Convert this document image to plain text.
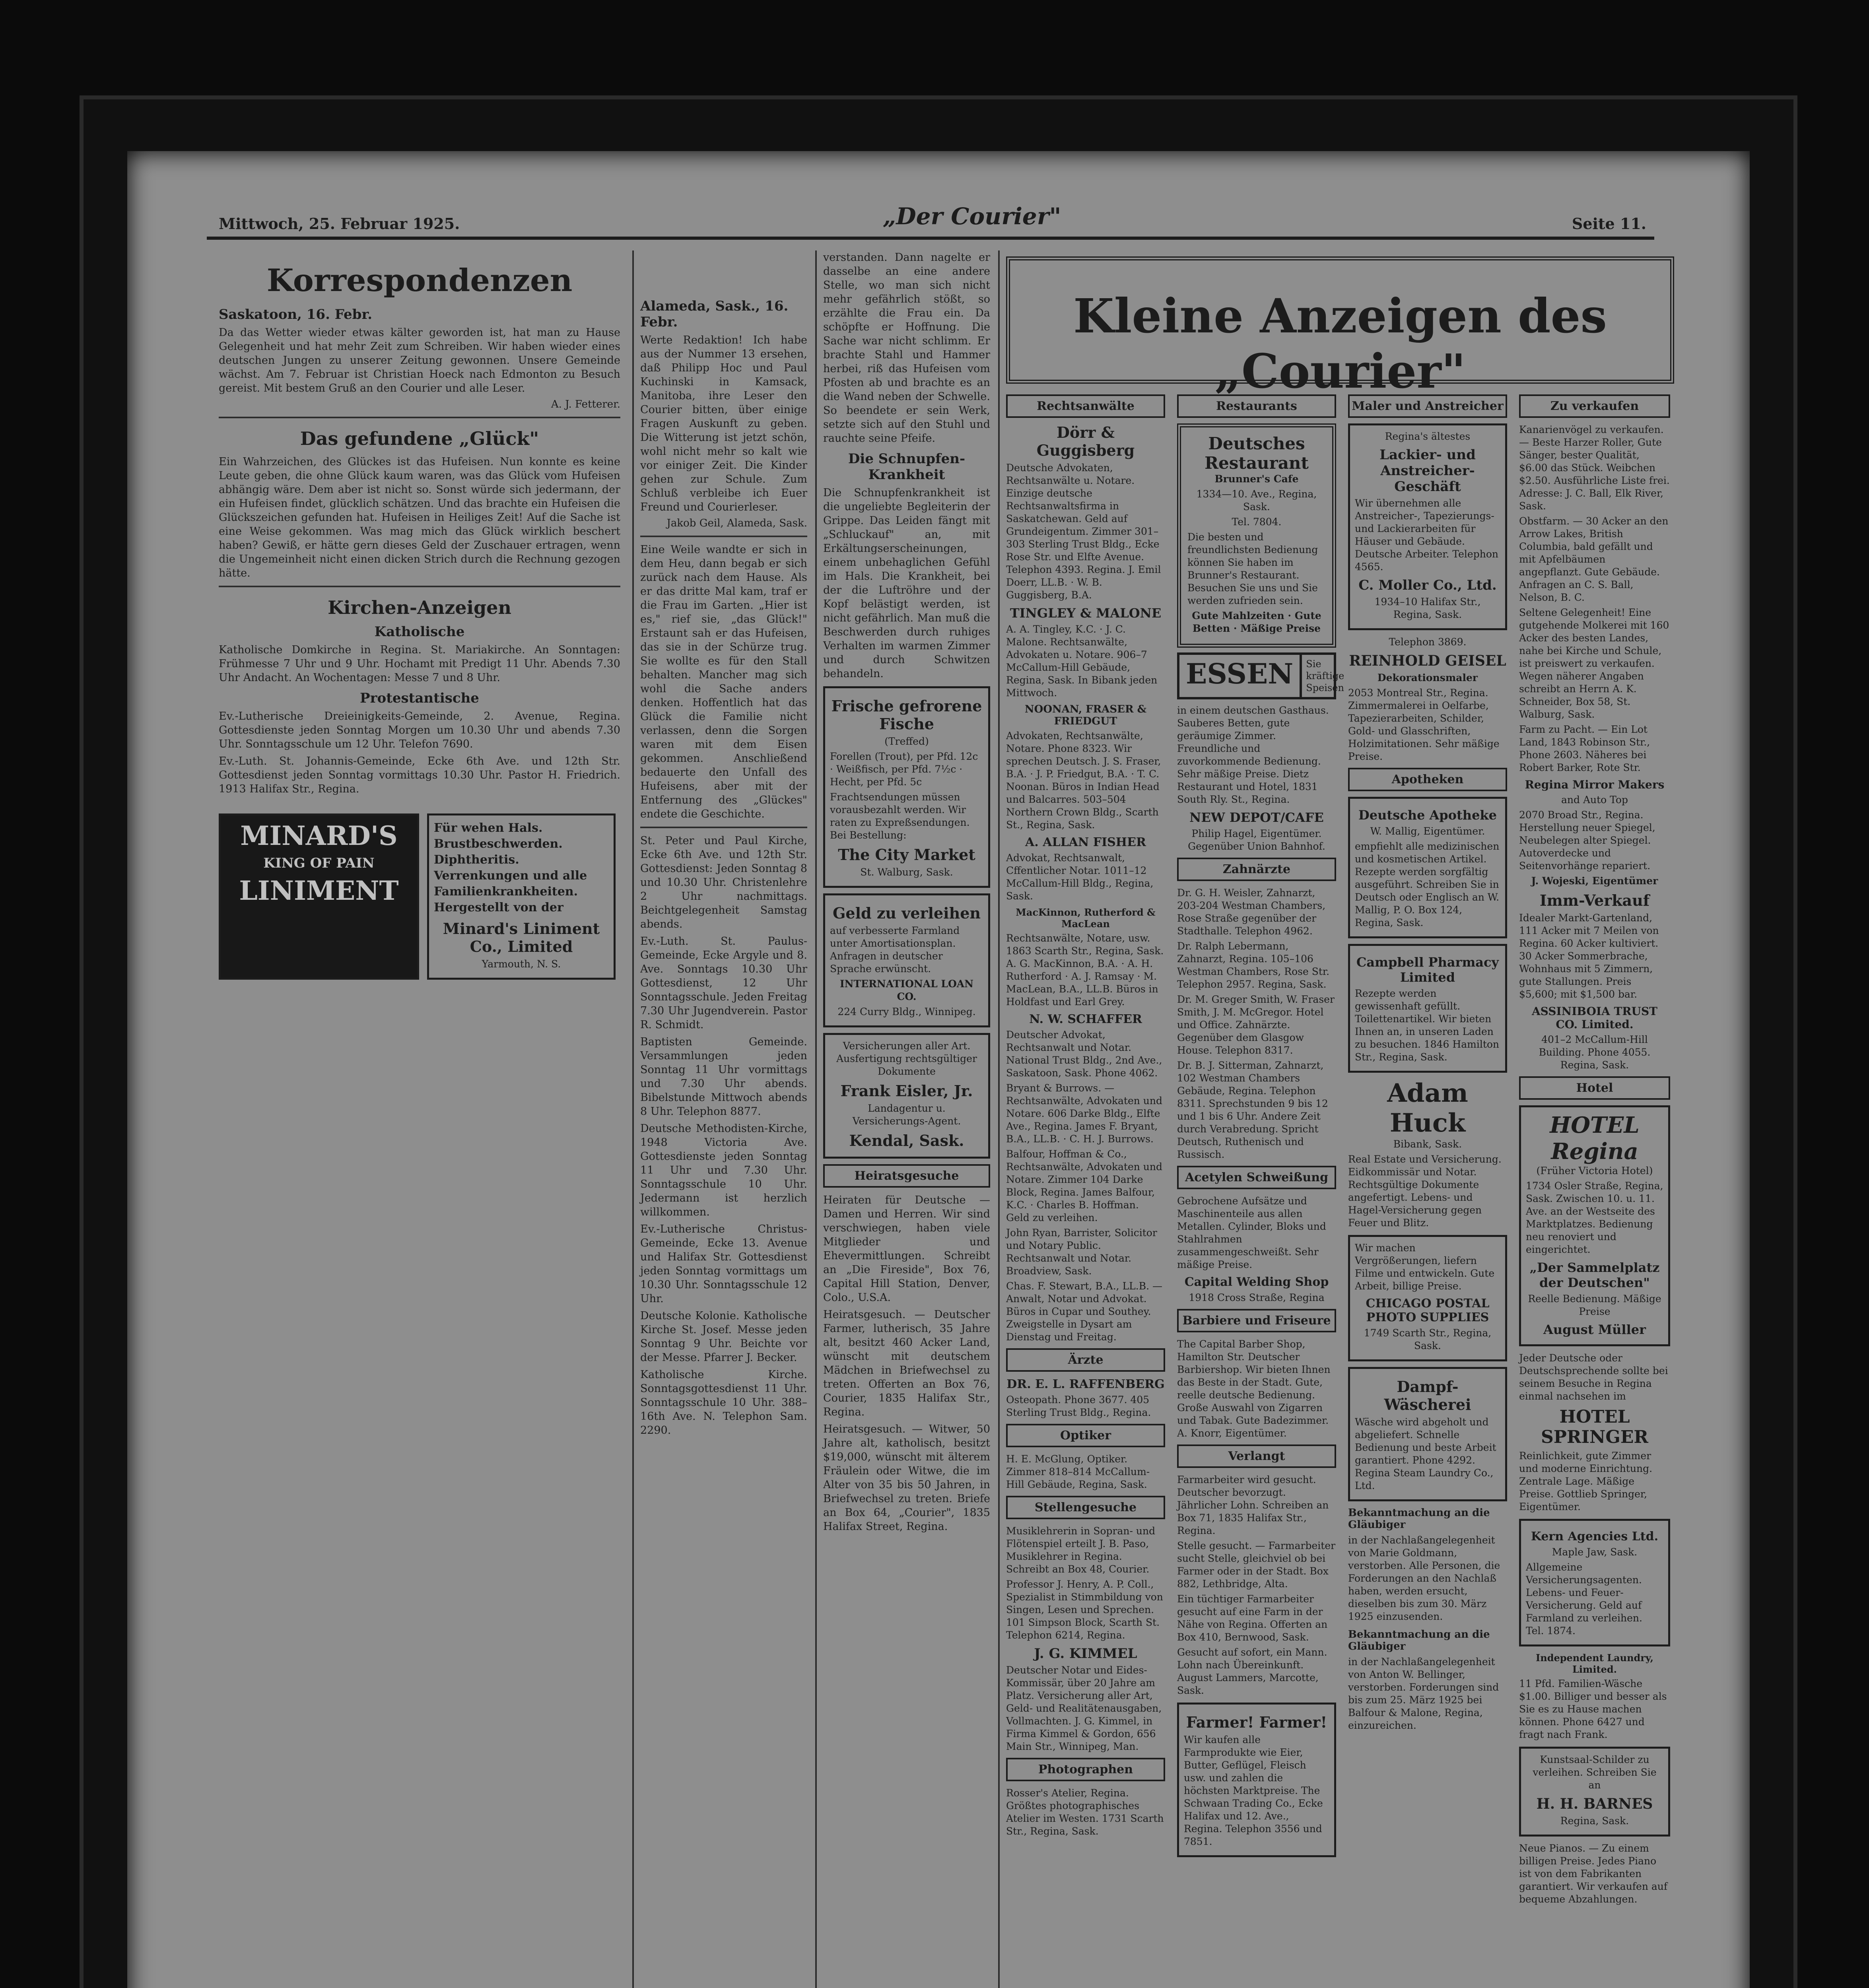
Mittwoch, 25. Februar 1925.	„Der Courier"	Seite 11.
Korrespondenzen
Saskatoon, 16. Febr.
Da das Wetter wieder etwas kälter geworden ist, hat man zu Hause Gelegenheit und hat mehr Zeit zum Schreiben. Wir haben wieder eines deutschen Jungen zu unserer Zeitung gewonnen. Unsere Gemeinde wächst. Am 7. Februar ist Christian Hoeck nach Edmonton zu Besuch gereist. Mit bestem Gruß an den Courier und alle Leser.
A. J. Fetterer.
Das gefundene „Glück"
Ein Wahrzeichen, des Glückes ist das Hufeisen. Nun konnte es keine Leute geben, die ohne Glück kaum waren, was das Glück vom Hufeisen abhängig wäre. Dem aber ist nicht so. Sonst würde sich jedermann, der ein Hufeisen findet, glücklich schätzen. Und das brachte ein Hufeisen die Glückszeichen gefunden hat. Hufeisen in Heiliges Zeit! Auf die Sache ist eine Weise gekommen. Was mag mich das Glück wirklich beschert haben? Gewiß, er hätte gern dieses Geld der Zuschauer ertragen, wenn die Ungemeinheit nicht einen dicken Strich durch die Rechnung gezogen hätte.
Kirchen-Anzeigen
Katholische
Katholische Domkirche in Regina. St. Mariakirche. An Sonntagen: Frühmesse 7 Uhr und 9 Uhr. Hochamt mit Predigt 11 Uhr. Abends 7.30 Uhr Andacht. An Wochentagen: Messe 7 und 8 Uhr.
Protestantische
Ev.-Lutherische Dreieinigkeits-Gemeinde, 2. Avenue, Regina. Gottesdienste jeden Sonntag Morgen um 10.30 Uhr und abends 7.30 Uhr. Sonntagsschule um 12 Uhr. Telefon 7690.
Ev.-Luth. St. Johannis-Gemeinde, Ecke 6th Ave. und 12th Str. Gottesdienst jeden Sonntag vormittags 10.30 Uhr. Pastor H. Friedrich. 1913 Halifax Str., Regina.
MINARD'S
KING OF PAIN
LINIMENT
Für wehen Hals. Brustbeschwerden. Diphtheritis. Verrenkungen und alle Familienkrankheiten. Hergestellt von der
Minard's Liniment Co., Limited
Yarmouth, N. S.
Alameda, Sask., 16. Febr.
Werte Redaktion! Ich habe aus der Nummer 13 ersehen, daß Philipp Hoc und Paul Kuchinski in Kamsack, Manitoba, ihre Leser den Courier bitten, über einige Fragen Auskunft zu geben. Die Witterung ist jetzt schön, wohl nicht mehr so kalt wie vor einiger Zeit. Die Kinder gehen zur Schule. Zum Schluß verbleibe ich Euer Freund und Courierleser.
Jakob Geil, Alameda, Sask.
Eine Weile wandte er sich in dem Heu, dann begab er sich zurück nach dem Hause. Als er das dritte Mal kam, traf er die Frau im Garten. „Hier ist es," rief sie, „das Glück!" Erstaunt sah er das Hufeisen, das sie in der Schürze trug. Sie wollte es für den Stall behalten. Mancher mag sich wohl die Sache anders denken. Hoffentlich hat das Glück die Familie nicht verlassen, denn die Sorgen waren mit dem Eisen gekommen. Anschließend bedauerte den Unfall des Hufeisens, aber mit der Entfernung des „Glückes" endete die Geschichte.
St. Peter und Paul Kirche, Ecke 6th Ave. und 12th Str. Gottesdienst: Jeden Sonntag 8 und 10.30 Uhr. Christenlehre 2 Uhr nachmittags. Beichtgelegenheit Samstag abends.
Ev.-Luth. St. Paulus-Gemeinde, Ecke Argyle und 8. Ave. Sonntags 10.30 Uhr Gottesdienst, 12 Uhr Sonntagsschule. Jeden Freitag 7.30 Uhr Jugendverein. Pastor R. Schmidt.
Baptisten Gemeinde. Versammlungen jeden Sonntag 11 Uhr vormittags und 7.30 Uhr abends. Bibelstunde Mittwoch abends 8 Uhr. Telephon 8877.
Deutsche Methodisten-Kirche, 1948 Victoria Ave. Gottesdienste jeden Sonntag 11 Uhr und 7.30 Uhr. Sonntagsschule 10 Uhr. Jedermann ist herzlich willkommen.
Ev.-Lutherische Christus-Gemeinde, Ecke 13. Avenue und Halifax Str. Gottesdienst jeden Sonntag vormittags um 10.30 Uhr. Sonntagsschule 12 Uhr.
Deutsche Kolonie. Katholische Kirche St. Josef. Messe jeden Sonntag 9 Uhr. Beichte vor der Messe. Pfarrer J. Becker.
Katholische Kirche. Sonntagsgottesdienst 11 Uhr. Sonntagsschule 10 Uhr. 388–16th Ave. N. Telephon Sam. 2290.
verstanden. Dann nagelte er dasselbe an eine andere Stelle, wo man sich nicht mehr gefährlich stößt, so erzählte die Frau ein. Da schöpfte er Hoffnung. Die Sache war nicht schlimm. Er brachte Stahl und Hammer herbei, riß das Hufeisen vom Pfosten ab und brachte es an die Wand neben der Schwelle. So beendete er sein Werk, setzte sich auf den Stuhl und rauchte seine Pfeife.
Die Schnupfen-Krankheit
Die Schnupfenkrankheit ist die ungeliebte Begleiterin der Grippe. Das Leiden fängt mit „Schluckauf" an, mit Erkältungserscheinungen, einem unbehaglichen Gefühl im Hals. Die Krankheit, bei der die Luftröhre und der Kopf belästigt werden, ist nicht gefährlich. Man muß die Beschwerden durch ruhiges Verhalten im warmen Zimmer und durch Schwitzen behandeln.
Frische gefrorene Fische
(Treffed)
Forellen (Trout), per Pfd. 12c · Weißfisch, per Pfd. 7½c · Hecht, per Pfd. 5c
Frachtsendungen müssen vorausbezahlt werden. Wir raten zu Expreßsendungen. Bei Bestellung:
The City Market
St. Walburg, Sask.
Geld zu verleihen
auf verbesserte Farmland unter Amortisationsplan. Anfragen in deutscher Sprache erwünscht.
INTERNATIONAL LOAN CO.
224 Curry Bldg., Winnipeg.
Versicherungen aller Art. Ausfertigung rechtsgültiger Dokumente
Frank Eisler, Jr.
Landagentur u. Versicherungs-Agent.
Kendal, Sask.
Heiratsgesuche
Heiraten für Deutsche — Damen und Herren. Wir sind verschwiegen, haben viele Mitglieder und Ehevermittlungen. Schreibt an „Die Fireside", Box 76, Capital Hill Station, Denver, Colo., U.S.A.
Heiratsgesuch. — Deutscher Farmer, lutherisch, 35 Jahre alt, besitzt 460 Acker Land, wünscht mit deutschem Mädchen in Briefwechsel zu treten. Offerten an Box 76, Courier, 1835 Halifax Str., Regina.
Heiratsgesuch. — Witwer, 50 Jahre alt, katholisch, besitzt $19,000, wünscht mit älterem Fräulein oder Witwe, die im Alter von 35 bis 50 Jahren, in Briefwechsel zu treten. Briefe an Box 64, „Courier", 1835 Halifax Street, Regina.
Kleine Anzeigen des „Courier"
Rechtsanwälte
Dörr & Guggisberg
Deutsche Advokaten, Rechtsanwälte u. Notare. Einzige deutsche Rechtsanwaltsfirma in Saskatchewan. Geld auf Grundeigentum. Zimmer 301–303 Sterling Trust Bldg., Ecke Rose Str. und Elfte Avenue. Telephon 4393. Regina. J. Emil Doerr, LL.B. · W. B. Guggisberg, B.A.
TINGLEY & MALONE
A. A. Tingley, K.C. · J. C. Malone. Rechtsanwälte, Advokaten u. Notare. 906–7 McCallum-Hill Gebäude, Regina, Sask. In Bibank jeden Mittwoch.
NOONAN, FRASER & FRIEDGUT
Advokaten, Rechtsanwälte, Notare. Phone 8323. Wir sprechen Deutsch. J. S. Fraser, B.A. · J. P. Friedgut, B.A. · T. C. Noonan. Büros in Indian Head und Balcarres. 503–504 Northern Crown Bldg., Scarth St., Regina, Sask.
A. ALLAN FISHER
Advokat, Rechtsanwalt, Cffentlicher Notar. 1011–12 McCallum-Hill Bldg., Regina, Sask.
MacKinnon, Rutherford & MacLean
Rechtsanwälte, Notare, usw. 1863 Scarth Str., Regina, Sask. A. G. MacKinnon, B.A. · A. H. Rutherford · A. J. Ramsay · M. MacLean, B.A., LL.B. Büros in Holdfast und Earl Grey.
N. W. SCHAFFER
Deutscher Advokat, Rechtsanwalt und Notar. National Trust Bldg., 2nd Ave., Saskatoon, Sask. Phone 4062.
Bryant & Burrows. — Rechtsanwälte, Advokaten und Notare. 606 Darke Bldg., Elfte Ave., Regina. James F. Bryant, B.A., LL.B. · C. H. J. Burrows.
Balfour, Hoffman & Co., Rechtsanwälte, Advokaten und Notare. Zimmer 104 Darke Block, Regina. James Balfour, K.C. · Charles B. Hoffman. Geld zu verleihen.
John Ryan, Barrister, Solicitor und Notary Public. Rechtsanwalt und Notar. Broadview, Sask.
Chas. F. Stewart, B.A., LL.B. — Anwalt, Notar und Advokat. Büros in Cupar und Southey. Zweigstelle in Dysart am Dienstag und Freitag.
Ärzte
DR. E. L. RAFFENBERG
Osteopath. Phone 3677. 405 Sterling Trust Bldg., Regina.
Optiker
H. E. McGlung, Optiker. Zimmer 818–814 McCallum-Hill Gebäude, Regina, Sask.
Stellengesuche
Musiklehrerin in Sopran- und Flötenspiel erteilt J. B. Paso, Musiklehrer in Regina. Schreibt an Box 48, Courier.
Professor J. Henry, A. P. Coll., Spezialist in Stimmbildung von Singen, Lesen und Sprechen. 101 Simpson Block, Scarth St. Telephon 6214, Regina.
J. G. KIMMEL
Deutscher Notar und Eides-Kommissär, über 20 Jahre am Platz. Versicherung aller Art, Geld- und Realitätenausgaben, Vollmachten. J. G. Kimmel, in Firma Kimmel & Gordon, 656 Main Str., Winnipeg, Man.
Photographen
Rosser's Atelier, Regina. Größtes photographisches Atelier im Westen. 1731 Scarth Str., Regina, Sask.
Restaurants
Deutsches Restaurant
Brunner's Cafe
1334—10. Ave., Regina, Sask.
Tel. 7804.
Die besten und freundlichsten Bedienung können Sie haben im Brunner's Restaurant. Besuchen Sie uns und Sie werden zufrieden sein.
Gute Mahlzeiten · Gute Betten · Mäßige Preise
ESSEN	Sie kräftige Speisen
in einem deutschen Gasthaus. Sauberes Betten, gute geräumige Zimmer. Freundliche und zuvorkommende Bedienung. Sehr mäßige Preise. Dietz Restaurant und Hotel, 1831 South Rly. St., Regina.
NEW DEPOT/CAFE
Philip Hagel, Eigentümer. Gegenüber Union Bahnhof.
Zahnärzte
Dr. G. H. Weisler, Zahnarzt, 203-204 Westman Chambers, Rose Straße gegenüber der Stadthalle. Telephon 4962.
Dr. Ralph Lebermann, Zahnarzt, Regina. 105–106 Westman Chambers, Rose Str. Telephon 2957. Regina, Sask.
Dr. M. Greger Smith, W. Fraser Smith, J. M. McGregor. Hotel und Office. Zahnärzte. Gegenüber dem Glasgow House. Telephon 8317.
Dr. B. J. Sitterman, Zahnarzt, 102 Westman Chambers Gebäude, Regina. Telephon 8311. Sprechstunden 9 bis 12 und 1 bis 6 Uhr. Andere Zeit durch Verabredung. Spricht Deutsch, Ruthenisch und Russisch.
Acetylen Schweißung
Gebrochene Aufsätze und Maschinenteile aus allen Metallen. Cylinder, Bloks und Stahlrahmen zusammengeschweißt. Sehr mäßige Preise.
Capital Welding Shop
1918 Cross Straße, Regina
Barbiere und Friseure
The Capital Barber Shop, Hamilton Str. Deutscher Barbiershop. Wir bieten Ihnen das Beste in der Stadt. Gute, reelle deutsche Bedienung. Große Auswahl von Zigarren und Tabak. Gute Badezimmer. A. Knorr, Eigentümer.
Verlangt
Farmarbeiter wird gesucht. Deutscher bevorzugt. Jährlicher Lohn. Schreiben an Box 71, 1835 Halifax Str., Regina.
Stelle gesucht. — Farmarbeiter sucht Stelle, gleichviel ob bei Farmer oder in der Stadt. Box 882, Lethbridge, Alta.
Ein tüchtiger Farmarbeiter gesucht auf eine Farm in der Nähe von Regina. Offerten an Box 410, Bernwood, Sask.
Gesucht auf sofort, ein Mann. Lohn nach Übereinkunft. August Lammers, Marcotte, Sask.
Farmer! Farmer!
Wir kaufen alle Farmprodukte wie Eier, Butter, Geflügel, Fleisch usw. und zahlen die höchsten Marktpreise. The Schwaan Trading Co., Ecke Halifax und 12. Ave., Regina. Telephon 3556 und 7851.
Maler und Anstreicher
Regina's ältestes
Lackier- und Anstreicher-Geschäft
Wir übernehmen alle Anstreicher-, Tapezierungs- und Lackierarbeiten für Häuser und Gebäude. Deutsche Arbeiter. Telephon 4565.
C. Moller Co., Ltd.
1934–10 Halifax Str., Regina, Sask.
Telephon 3869.
REINHOLD GEISEL
Dekorationsmaler
2053 Montreal Str., Regina. Zimmermalerei in Oelfarbe, Tapezierarbeiten, Schilder, Gold- und Glasschriften, Holzimitationen. Sehr mäßige Preise.
Apotheken
Deutsche Apotheke
W. Mallig, Eigentümer.
empfiehlt alle medizinischen und kosmetischen Artikel. Rezepte werden sorgfältig ausgeführt. Schreiben Sie in Deutsch oder Englisch an W. Mallig, P. O. Box 124, Regina, Sask.
Campbell Pharmacy Limited
Rezepte werden gewissenhaft gefüllt. Toilettenartikel. Wir bieten Ihnen an, in unseren Laden zu besuchen. 1846 Hamilton Str., Regina, Sask.
Adam Huck
Bibank, Sask.
Real Estate und Versicherung. Eidkommissär und Notar. Rechtsgültige Dokumente angefertigt. Lebens- und Hagel-Versicherung gegen Feuer und Blitz.
Wir machen Vergrößerungen, liefern Filme und entwickeln. Gute Arbeit, billige Preise.
CHICAGO POSTAL PHOTO SUPPLIES
1749 Scarth Str., Regina, Sask.
Dampf-Wäscherei
Wäsche wird abgeholt und abgeliefert. Schnelle Bedienung und beste Arbeit garantiert. Phone 4292. Regina Steam Laundry Co., Ltd.
Bekanntmachung an die Gläubiger
in der Nachlaßangelegenheit von Marie Goldmann, verstorben. Alle Personen, die Forderungen an den Nachlaß haben, werden ersucht, dieselben bis zum 30. März 1925 einzusenden.
Bekanntmachung an die Gläubiger
in der Nachlaßangelegenheit von Anton W. Bellinger, verstorben. Forderungen sind bis zum 25. März 1925 bei Balfour & Malone, Regina, einzureichen.
Zu verkaufen
Kanarienvögel zu verkaufen. — Beste Harzer Roller, Gute Sänger, bester Qualität, $6.00 das Stück. Weibchen $2.50. Ausführliche Liste frei. Adresse: J. C. Ball, Elk River, Sask.
Obstfarm. — 30 Acker an den Arrow Lakes, British Columbia, bald gefällt und mit Apfelbäumen angepflanzt. Gute Gebäude. Anfragen an C. S. Ball, Nelson, B. C.
Seltene Gelegenheit! Eine gutgehende Molkerei mit 160 Acker des besten Landes, nahe bei Kirche und Schule, ist preiswert zu verkaufen. Wegen näherer Angaben schreibt an Herrn A. K. Schneider, Box 58, St. Walburg, Sask.
Farm zu Pacht. — Ein Lot Land, 1843 Robinson Str., Phone 2603. Näheres bei Robert Barker, Rote Str.
Regina Mirror Makers
and Auto Top
2070 Broad Str., Regina. Herstellung neuer Spiegel, Neubelegen alter Spiegel. Autoverdecke und Seitenvorhänge repariert.
J. Wojeski, Eigentümer
Imm-Verkauf
Idealer Markt-Gartenland, 111 Acker mit 7 Meilen von Regina. 60 Acker kultiviert. 30 Acker Sommerbrache, Wohnhaus mit 5 Zimmern, gute Stallungen. Preis $5,600; mit $1,500 bar.
ASSINIBOIA TRUST CO. Limited.
401–2 McCallum-Hill Building. Phone 4055. Regina, Sask.
Hotel
HOTEL Regina
(Früher Victoria Hotel)
1734 Osler Straße, Regina, Sask. Zwischen 10. u. 11. Ave. an der Westseite des Marktplatzes. Bedienung neu renoviert und eingerichtet.
„Der Sammelplatz der Deutschen"
Reelle Bedienung. Mäßige Preise
August Müller
Jeder Deutsche oder Deutschsprechende sollte bei seinem Besuche in Regina einmal nachsehen im
HOTEL SPRINGER
Reinlichkeit, gute Zimmer und moderne Einrichtung. Zentrale Lage. Mäßige Preise. Gottlieb Springer, Eigentümer.
Kern Agencies Ltd.
Maple Jaw, Sask.
Allgemeine Versicherungsagenten. Lebens- und Feuer-Versicherung. Geld auf Farmland zu verleihen. Tel. 1874.
Independent Laundry, Limited.
11 Pfd. Familien-Wäsche $1.00. Billiger und besser als Sie es zu Hause machen können. Phone 6427 und fragt nach Frank.
Kunstsaal-Schilder zu verleihen. Schreiben Sie an
H. H. BARNES
Regina, Sask.
Neue Pianos. — Zu einem billigen Preise. Jedes Piano ist von dem Fabrikanten garantiert. Wir verkaufen auf bequeme Abzahlungen.
